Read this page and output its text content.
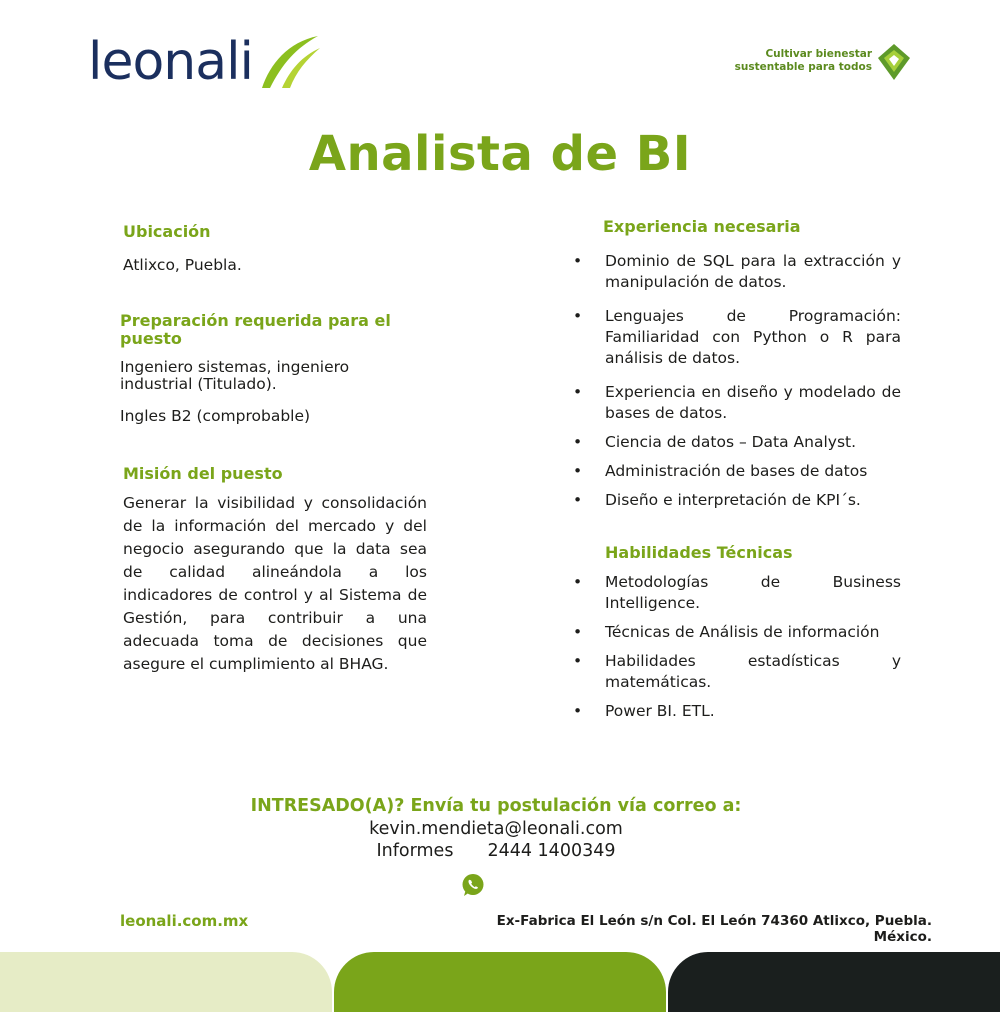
leonali	Cultivar bienestar
sustentable para todos
Analista de BI
Ubicación
Atlixco, Puebla.
Preparación requerida para el puesto
Ingeniero sistemas, ingeniero industrial (Titulado).
Ingles B2 (comprobable)
Misión del puesto
Generar la visibilidad y consolidación de la información del mercado y del negocio asegurando que la data sea de calidad alineándola a los indicadores de control y al Sistema de Gestión, para contribuir a una adecuada toma de decisiones que asegure el cumplimiento al BHAG.
Experiencia necesaria
• Dominio de SQL para la extracción y manipulación de datos.
• Lenguajes de Programación: Familiaridad con Python o R para análisis de datos.
• Experiencia en diseño y modelado de bases de datos.
• Ciencia de datos – Data Analyst.
• Administración de bases de datos
• Diseño e interpretación de KPI´s.
Habilidades Técnicas
• Metodologías de Business Intelligence.
• Técnicas de Análisis de información
• Habilidades estadísticas y matemáticas.
• Power BI. ETL.
INTRESADO(A)? Envía tu postulación vía correo a:
kevin.mendieta@leonali.com
Informes 2444 1400349
leonali.com.mx	Ex-Fabrica El León s/n Col. El León 74360 Atlixco, Puebla. México.
